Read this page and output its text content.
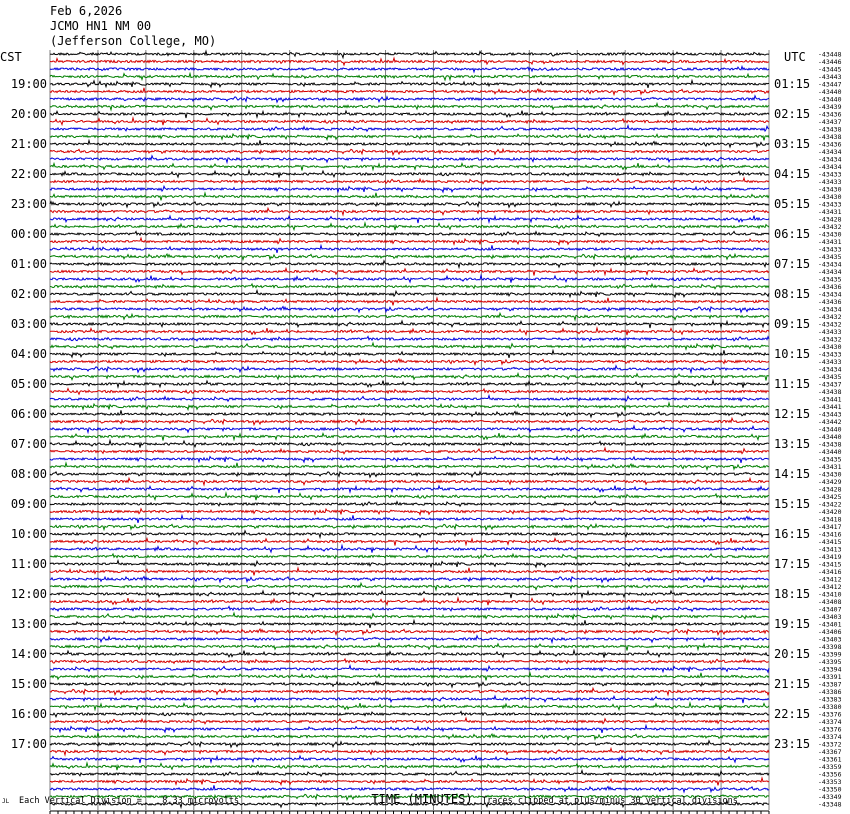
19:00
20:00
21:00
22:00
23:00
00:00
01:00
02:00
03:00
04:00
05:00
06:00
07:00
08:00
09:00
10:00
11:00
12:00
13:00
14:00
15:00
16:00
17:00
01:15
02:15
03:15
04:15
05:15
06:15
07:15
08:15
09:15
10:15
11:15
12:15
13:15
14:15
15:15
16:15
17:15
18:15
19:15
20:15
21:15
22:15
23:15
-43448
-43446
-43445
-43443
-43447
-43440
-43440
-43439
-43436
-43437
-43438
-43438
-43436
-43434
-43434
-43434
-43433
-43433
-43430
-43430
-43433
-43431
-43428
-43432
-43430
-43431
-43433
-43435
-43434
-43434
-43435
-43436
-43434
-43436
-43434
-43432
-43432
-43433
-43432
-43430
-43433
-43433
-43434
-43435
-43437
-43438
-43441
-43441
-43443
-43442
-43440
-43440
-43438
-43440
-43435
-43431
-43430
-43429
-43428
-43425
-43422
-43420
-43418
-43417
-43416
-43415
-43413
-43419
-43415
-43416
-43412
-43412
-43410
-43408
-43407
-43403
-43401
-43406
-43403
-43398
-43399
-43395
-43394
-43391
-43387
-43386
-43383
-43380
-43376
-43374
-43376
-43374
-43372
-43367
-43361
-43359
-43356
-43353
-43350
-43349
-43348
CST	UTC
JL Each Vertical Division =    8.33 microvolts	TIME (MINUTES) Traces clipped at plus/minus 30 vertical divisions
Feb 6,2026
JCMO HN1 NM 00
(Jefferson College, MO)
